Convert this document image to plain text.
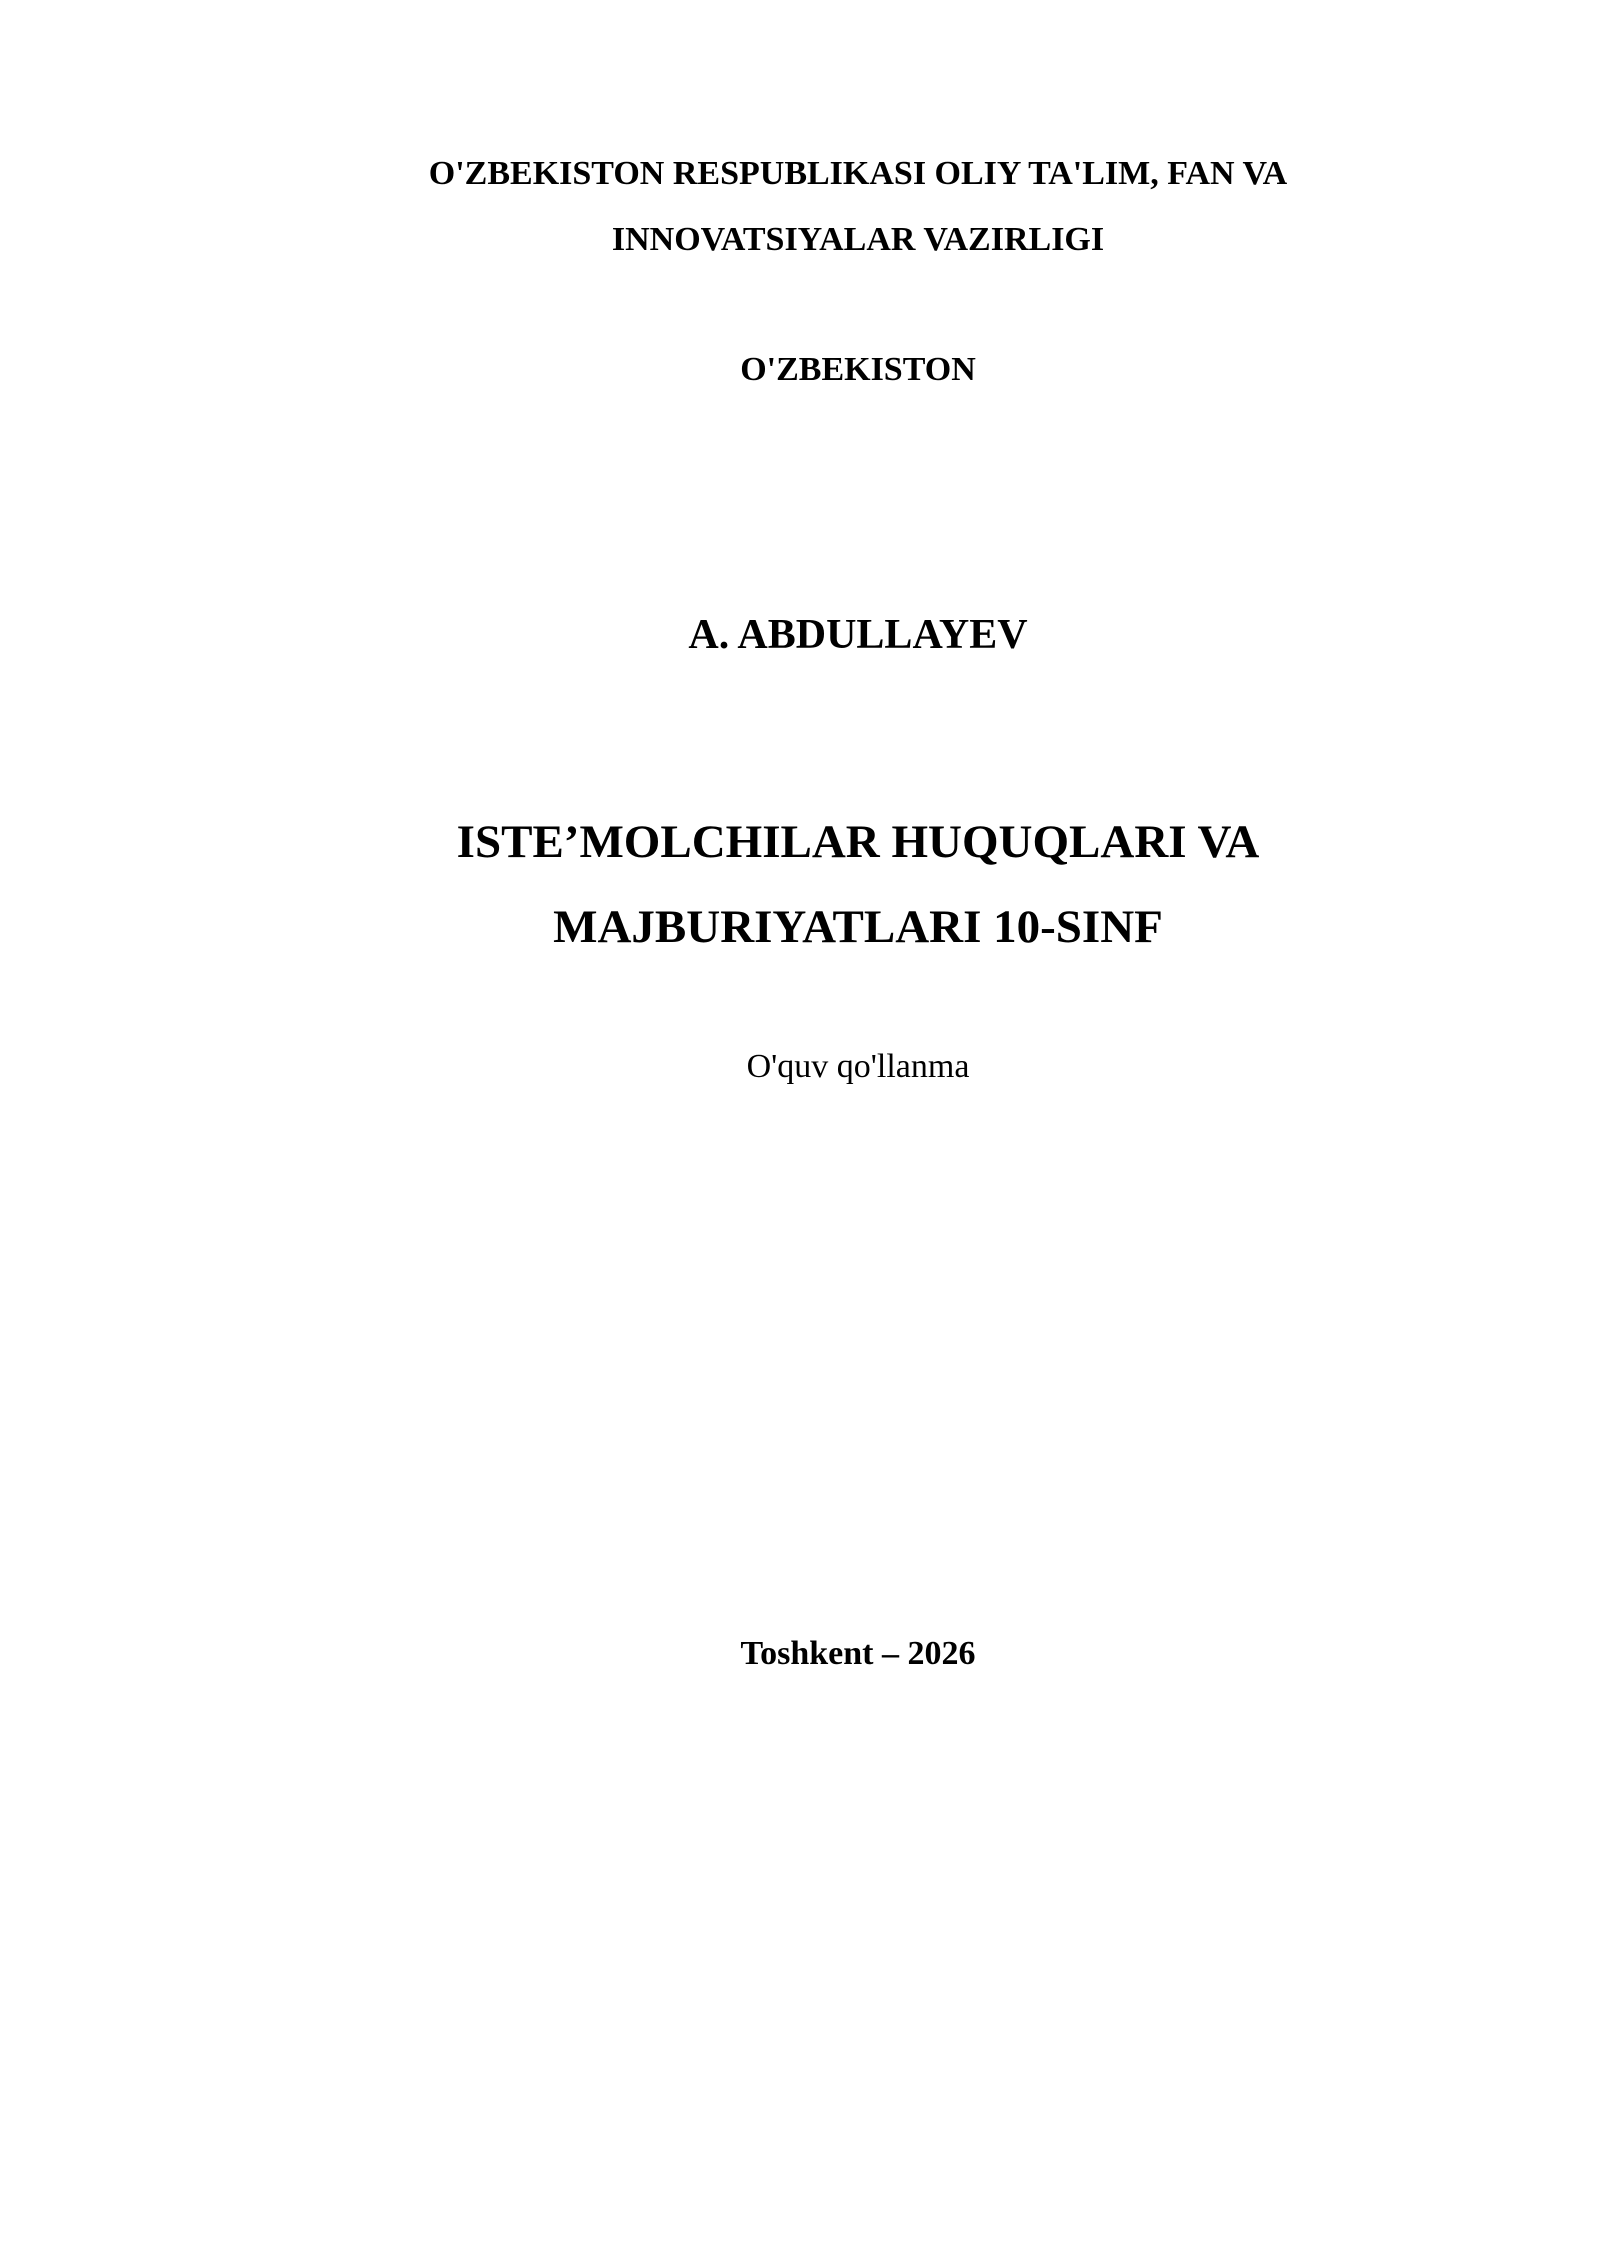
O'ZBEKISTON RESPUBLIKASI OLIY TA'LIM, FAN VA
INNOVATSIYALAR VAZIRLIGI
O'ZBEKISTON
A. ABDULLAYEV
ISTE’MOLCHILAR HUQUQLARI VA
MAJBURIYATLARI 10-SINF
O'quv qo'llanma
Toshkent – 2026
